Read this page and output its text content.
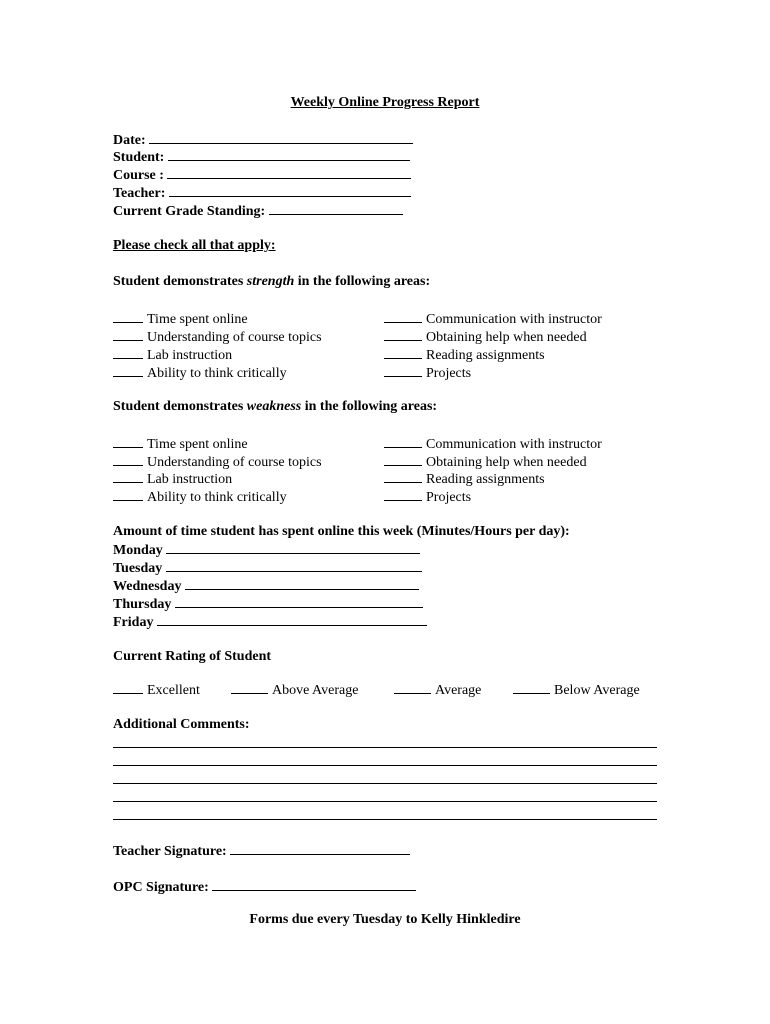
Weekly Online Progress Report
Date:
Student:
Course :
Teacher:
Current Grade Standing:
Please check all that apply:
Student demonstrates strength in the following areas:
Time spent online
Understanding of course topics
Lab instruction
Ability to think critically
Communication with instructor
Obtaining help when needed
Reading assignments
Projects
Student demonstrates weakness in the following areas:
Time spent online
Understanding of course topics
Lab instruction
Ability to think critically
Communication with instructor
Obtaining help when needed
Reading assignments
Projects
Amount of time student has spent online this week (Minutes/Hours per day):
Monday
Tuesday
Wednesday
Thursday
Friday
Current Rating of Student
Excellent	Above Average	Average	Below Average
Additional Comments:
Teacher Signature:
OPC Signature:
Forms due every Tuesday to Kelly Hinkledire
